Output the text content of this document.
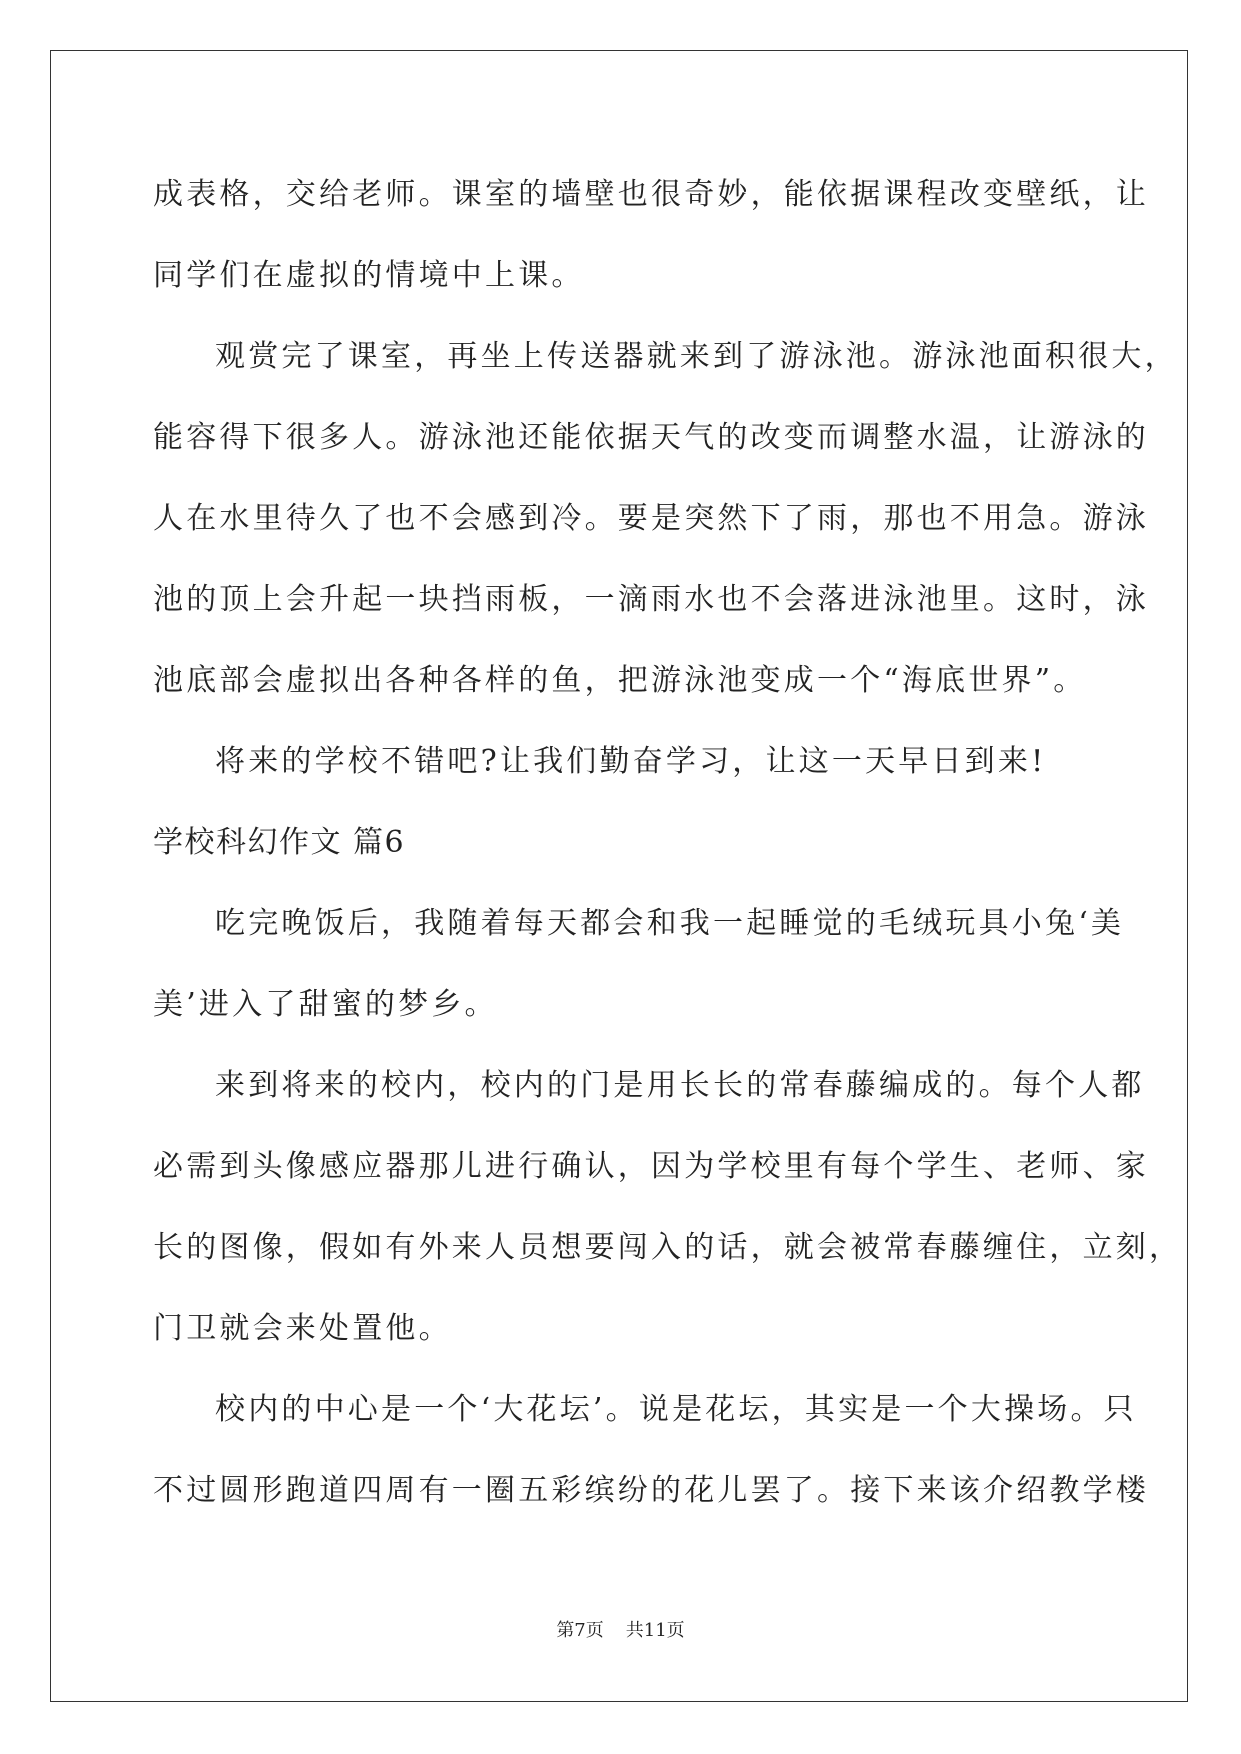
成表格，交给老师。课室的墙壁也很奇妙，能依据课程改变壁纸，让
同学们在虚拟的情境中上课。
观赏完了课室，再坐上传送器就来到了游泳池。游泳池面积很大，
能容得下很多人。游泳池还能依据天气的改变而调整水温，让游泳的
人在水里待久了也不会感到冷。要是突然下了雨，那也不用急。游泳
池的顶上会升起一块挡雨板，一滴雨水也不会落进泳池里。这时，泳
池底部会虚拟出各种各样的鱼，把游泳池变成一个“海底世界”。
将来的学校不错吧?让我们勤奋学习，让这一天早日到来!
学校科幻作文 篇6
吃完晚饭后，我随着每天都会和我一起睡觉的毛绒玩具小兔‘美
美’进入了甜蜜的梦乡。
来到将来的校内，校内的门是用长长的常春藤编成的。每个人都
必需到头像感应器那儿进行确认，因为学校里有每个学生、老师、家
长的图像，假如有外来人员想要闯入的话，就会被常春藤缠住，立刻，
门卫就会来处置他。
校内的中心是一个‘大花坛’。说是花坛，其实是一个大操场。只
不过圆形跑道四周有一圈五彩缤纷的花儿罢了。接下来该介绍教学楼
第7页 共11页
